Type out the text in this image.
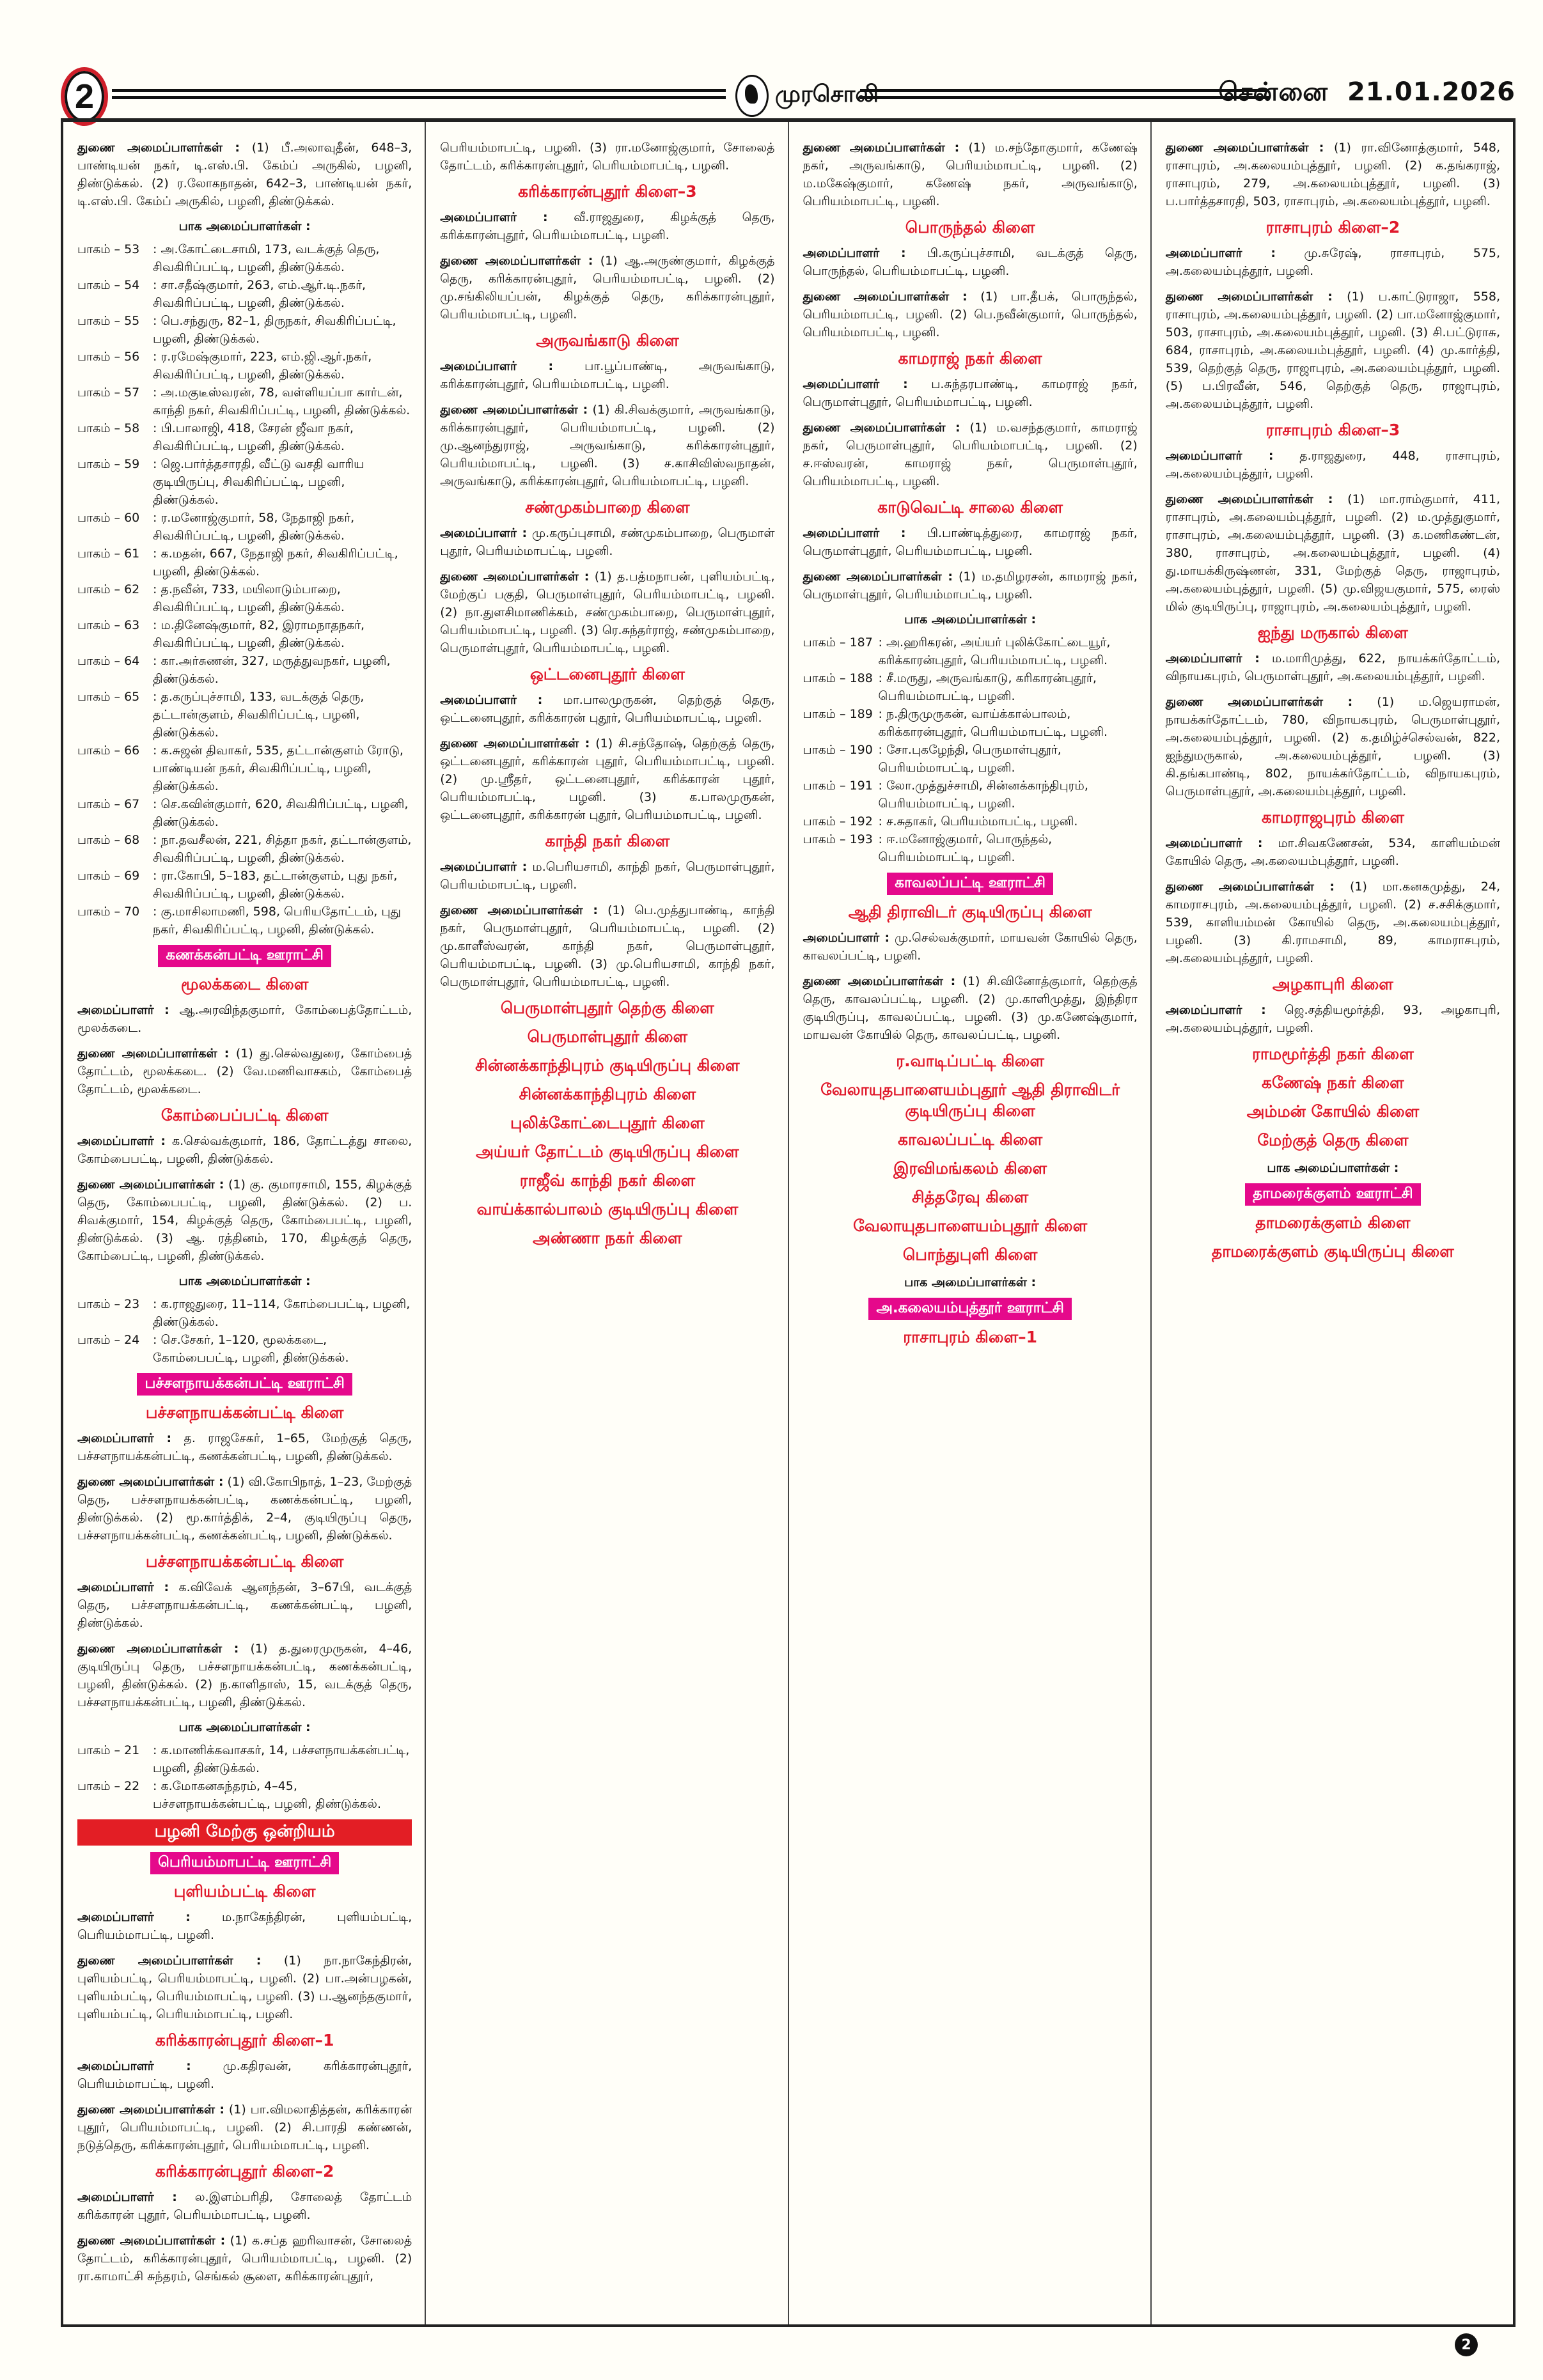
2	முரசொலி	சென்னை 21.01.2026

துணை அமைப்பாளர்கள் : (1) பீ.அலாவுதீன், 648–3, பாண்டியன் நகர், டி.எஸ்.பி. கேம்ப் அருகில், பழனி, திண்டுக்கல். (2) ர.லோகநாதன், 642–3, பாண்டியன் நகர், டி.எஸ்.பி. கேம்ப் அருகில், பழனி, திண்டுக்கல்.

பாக அமைப்பாளர்கள் :
பாகம் – 53	: அ.கோட்டைசாமி, 173, வடக்குத் தெரு, சிவகிரிப்பட்டி, பழனி, திண்டுக்கல்.
பாகம் – 54	: சா.சதீஷ்குமார், 263, எம்.ஆர்.டி.நகர், சிவகிரிப்பட்டி, பழனி, திண்டுக்கல்.
பாகம் – 55	: பெ.சந்துரு, 82–1, திருநகர், சிவகிரிப்பட்டி, பழனி, திண்டுக்கல்.
பாகம் – 56	: ர.ரமேஷ்குமார், 223, எம்.ஜி.ஆர்.நகர், சிவகிரிப்பட்டி, பழனி, திண்டுக்கல்.
பாகம் – 57	: அ.மகுடீஸ்வரன், 78, வள்ளியப்பா கார்டன், காந்தி நகர், சிவகிரிப்பட்டி, பழனி, திண்டுக்கல்.
பாகம் – 58	: பி.பாலாஜி, 418, சேரன் ஜீவா நகர், சிவகிரிப்பட்டி, பழனி, திண்டுக்கல்.
பாகம் – 59	: ஜெ.பார்த்தசாரதி, வீட்டு வசதி வாரிய குடியிருப்பு, சிவகிரிப்பட்டி, பழனி, திண்டுக்கல்.
பாகம் – 60	: ர.மனோஜ்குமார், 58, நேதாஜி நகர், சிவகிரிப்பட்டி, பழனி, திண்டுக்கல்.
பாகம் – 61	: க.மதன், 667, நேதாஜி நகர், சிவகிரிப்பட்டி, பழனி, திண்டுக்கல்.
பாகம் – 62	: த.நவீன், 733, மயிலாடும்பாறை, சிவகிரிப்பட்டி, பழனி, திண்டுக்கல்.
பாகம் – 63	: ம.தினேஷ்குமார், 82, இராமநாதநகர், சிவகிரிப்பட்டி, பழனி, திண்டுக்கல்.
பாகம் – 64	: கா.அர்சுணன், 327, மருத்துவநகர், பழனி, திண்டுக்கல்.
பாகம் – 65	: த.கருப்புச்சாமி, 133, வடக்குத் தெரு, தட்டான்குளம், சிவகிரிப்பட்டி, பழனி, திண்டுக்கல்.
பாகம் – 66	: க.சுஜன் திவாகர், 535, தட்டான்குளம் ரோடு, பாண்டியன் நகர், சிவகிரிப்பட்டி, பழனி, திண்டுக்கல்.
பாகம் – 67	: செ.கவின்குமார், 620, சிவகிரிப்பட்டி, பழனி, திண்டுக்கல்.
பாகம் – 68	: நா.தவசீலன், 221, சித்தா நகர், தட்டான்குளம், சிவகிரிப்பட்டி, பழனி, திண்டுக்கல்.
பாகம் – 69	: ரா.கோபி, 5–183, தட்டான்குளம், புது நகர், சிவகிரிப்பட்டி, பழனி, திண்டுக்கல்.
பாகம் – 70	: கு.மாசிலாமணி, 598, பெரியதோட்டம், புது நகர், சிவகிரிப்பட்டி, பழனி, திண்டுக்கல்.
கணக்கன்பட்டி ஊராட்சி
மூலக்கடை கிளை

அமைப்பாளர் : ஆ.அரவிந்தகுமார், கோம்பைத்தோட்டம், மூலக்கடை.

துணை அமைப்பாளர்கள் : (1) து.செல்வதுரை, கோம்பைத் தோட்டம், மூலக்கடை. (2) வே.மணிவாசகம், கோம்பைத் தோட்டம், மூலக்கடை.

கோம்பைப்பட்டி கிளை

அமைப்பாளர் : க.செல்வக்குமார், 186, தோட்டத்து சாலை, கோம்பைபட்டி, பழனி, திண்டுக்கல்.

துணை அமைப்பாளர்கள் : (1) கு. குமாரசாமி, 155, கிழக்குத் தெரு, கோம்பைபட்டி, பழனி, திண்டுக்கல். (2) ப. சிவக்குமார், 154, கிழக்குத் தெரு, கோம்பைபட்டி, பழனி, திண்டுக்கல். (3) ஆ. ரத்தினம், 170, கிழக்குத் தெரு, கோம்பைட்டி, பழனி, திண்டுக்கல்.

பாக அமைப்பாளர்கள் :
பாகம் – 23	: க.ராஜதுரை, 11–114, கோம்பைபட்டி, பழனி, திண்டுக்கல்.
பாகம் – 24	: செ.சேகர், 1–120, மூலக்கடை, கோம்பைபட்டி, பழனி, திண்டுக்கல்.
பச்சளநாயக்கன்பட்டி ஊராட்சி
பச்சளநாயக்கன்பட்டி கிளை

அமைப்பாளர் : த. ராஜசேகர், 1–65, மேற்குத் தெரு, பச்சளநாயக்கன்பட்டி, கணக்கன்பட்டி, பழனி, திண்டுக்கல்.

துணை அமைப்பாளர்கள் : (1) வி.கோபிநாத், 1–23, மேற்குத் தெரு, பச்சளநாயக்கன்பட்டி, கணக்கன்பட்டி, பழனி, திண்டுக்கல். (2) மூ.கார்த்திக், 2–4, குடியிருப்பு தெரு, பச்சளநாயக்கன்பட்டி, கணக்கன்பட்டி, பழனி, திண்டுக்கல்.

பச்சளநாயக்கன்பட்டி கிளை

அமைப்பாளர் : க.விவேக் ஆனந்தன், 3–67பி, வடக்குத் தெரு, பச்சளநாயக்கன்பட்டி, கணக்கன்பட்டி, பழனி, திண்டுக்கல்.

துணை அமைப்பாளர்கள் : (1) த.துரைமுருகன், 4–46, குடியிருப்பு தெரு, பச்சளநாயக்கன்பட்டி, கணக்கன்பட்டி, பழனி, திண்டுக்கல். (2) ந.காளிதாஸ், 15, வடக்குத் தெரு, பச்சளநாயக்கன்பட்டி, பழனி, திண்டுக்கல்.

பாக அமைப்பாளர்கள் :
பாகம் – 21	: க.மாணிக்கவாசகர், 14, பச்சளநாயக்கன்பட்டி, பழனி, திண்டுக்கல்.
பாகம் – 22	: க.மோகனசுந்தரம், 4–45, பச்சளநாயக்கன்பட்டி, பழனி, திண்டுக்கல்.
பழனி மேற்கு ஒன்றியம்
பெரியம்மாபட்டி ஊராட்சி
புளியம்பட்டி கிளை

அமைப்பாளர் :	ம.நாகேந்திரன், புளியம்பட்டி, பெரியம்மாபட்டி, பழனி.

துணை அமைப்பாளர்கள் : (1) நா.நாகேந்திரன், புளியம்பட்டி, பெரியம்மாபட்டி, பழனி. (2) பா.அன்பழகன், புளியம்பட்டி, பெரியம்மாபட்டி, பழனி. (3) ப.ஆனந்தகுமார், புளியம்பட்டி, பெரியம்மாபட்டி, பழனி.

கரிக்காரன்புதூர் கிளை–1

அமைப்பாளர் :	மு.கதிரவன், கரிக்காரன்புதூர், பெரியம்மாபட்டி, பழனி.

துணை அமைப்பாளர்கள் : (1) பா.விமலாதித்தன், கரிக்காரன் புதூர், பெரியம்மாபட்டி, பழனி. (2) சி.பாரதி கண்ணன், நடுத்தெரு, கரிக்காரன்புதூர், பெரியம்மாபட்டி, பழனி.

கரிக்காரன்புதூர் கிளை–2

அமைப்பாளர் : ல.இளம்பரிதி, சோலைத் தோட்டம் கரிக்காரன் புதூர், பெரியம்மாபட்டி, பழனி.

துணை அமைப்பாளர்கள் : (1) க.சப்த ஹரிவாசன், சோலைத் தோட்டம், கரிக்காரன்புதூர், பெரியம்மாபட்டி, பழனி. (2) ரா.காமாட்சி சுந்தரம், செங்கல் சூளை, கரிக்காரன்புதூர்,

பெரியம்மாபட்டி, பழனி. (3) ரா.மனோஜ்குமார், சோலைத் தோட்டம், கரிக்காரன்புதூர், பெரியம்மாபட்டி, பழனி.

கரிக்காரன்புதூர் கிளை–3

அமைப்பாளர் : வீ.ராஜதுரை, கிழக்குத் தெரு, கரிக்காரன்புதூர், பெரியம்மாபட்டி, பழனி.

துணை அமைப்பாளர்கள் : (1) ஆ.அருண்குமார், கிழக்குத் தெரு, கரிக்காரன்புதூர், பெரியம்மாபட்டி, பழனி. (2) மு.சங்கிலியப்பன், கிழக்குத் தெரு, கரிக்காரன்புதூர், பெரியம்மாபட்டி, பழனி.

அருவங்காடு கிளை

அமைப்பாளர் :	பா.பூப்பாண்டி, அருவங்காடு, கரிக்காரன்புதூர், பெரியம்மாபட்டி, பழனி.

துணை அமைப்பாளர்கள் : (1) கி.சிவக்குமார், அருவங்காடு, கரிக்காரன்புதூர், பெரியம்மாபட்டி, பழனி. (2) மு.ஆனந்துராஜ், அருவங்காடு, கரிக்காரன்புதூர், பெரியம்மாபட்டி, பழனி. (3) ச.காசிவிஸ்வநாதன், அருவங்காடு, கரிக்காரன்புதூர், பெரியம்மாபட்டி, பழனி.

சண்முகம்பாறை கிளை

அமைப்பாளர் : மு.கருப்புசாமி, சண்முகம்பாறை, பெருமாள் புதூர், பெரியம்மாபட்டி, பழனி.

துணை அமைப்பாளர்கள் : (1) த.பத்மநாபன், புளியம்பட்டி, மேற்குப் பகுதி, பெருமாள்புதூர், பெரியம்மாபட்டி, பழனி. (2) நா.துளசிமாணிக்கம், சண்முகம்பாறை, பெருமாள்புதூர், பெரியம்மாபட்டி, பழனி. (3) ரெ.சுந்தர்ராஜ், சண்முகம்பாறை, பெருமாள்புதூர், பெரியம்மாபட்டி, பழனி.

ஒட்டனைபுதூர் கிளை

அமைப்பாளர் : மா.பாலமுருகன், தெற்குத் தெரு, ஒட்டனைபுதூர், கரிக்காரன் புதூர், பெரியம்மாபட்டி, பழனி.

துணை அமைப்பாளர்கள் : (1) சி.சந்தோஷ், தெற்குத் தெரு, ஒட்டனைபுதூர், கரிக்காரன் புதூர், பெரியம்மாபட்டி, பழனி. (2) மு.ஸ்ரீதர், ஒட்டனைபுதூர், கரிக்காரன் புதூர், பெரியம்மாபட்டி, பழனி. (3) க.பாலமுருகன், ஒட்டனைபுதூர், கரிக்காரன் புதூர், பெரியம்மாபட்டி, பழனி.

காந்தி நகர் கிளை

அமைப்பாளர் : ம.பெரியசாமி, காந்தி நகர், பெருமாள்புதூர், பெரியம்மாபட்டி, பழனி.

துணை அமைப்பாளர்கள் : (1) பெ.முத்துபாண்டி, காந்தி நகர், பெருமாள்புதூர், பெரியம்மாபட்டி, பழனி. (2) மு.காளீஸ்வரன், காந்தி நகர், பெருமாள்புதூர், பெரியம்மாபட்டி, பழனி. (3) மு.பெரியசாமி, காந்தி நகர், பெருமாள்புதூர், பெரியம்மாபட்டி, பழனி.

பெருமாள்புதூர் தெற்கு கிளை
பெருமாள்புதூர் கிளை
சின்னக்காந்திபுரம் குடியிருப்பு கிளை
சின்னக்காந்திபுரம் கிளை
புலிக்கோட்டைபுதூர் கிளை
அய்யர் தோட்டம் குடியிருப்பு கிளை
ராஜீவ் காந்தி நகர் கிளை
வாய்க்கால்பாலம் குடியிருப்பு கிளை
அண்ணா நகர் கிளை

துணை அமைப்பாளர்கள் : (1) ம.சந்தோகுமார், கணேஷ் நகர், அருவங்காடு, பெரியம்மாபட்டி, பழனி. (2) ம.மகேஷ்குமார், கணேஷ் நகர், அருவங்காடு, பெரியம்மாபட்டி, பழனி.

பொருந்தல் கிளை

அமைப்பாளர் : பி.கருப்புச்சாமி, வடக்குத் தெரு, பொருந்தல், பெரியம்மாபட்டி, பழனி.

துணை அமைப்பாளர்கள் : (1) பா.தீபக், பொருந்தல், பெரியம்மாபட்டி, பழனி. (2) பெ.நவீன்குமார், பொருந்தல், பெரியம்மாபட்டி, பழனி.

காமராஜ் நகர் கிளை

அமைப்பாளர் : ப.சுந்தரபாண்டி, காமராஜ் நகர், பெருமாள்புதூர், பெரியம்மாபட்டி, பழனி.

துணை அமைப்பாளர்கள் : (1) ம.வசந்தகுமார், காமராஜ் நகர், பெருமாள்புதூர், பெரியம்மாபட்டி, பழனி. (2) ச.ஈஸ்வரன், காமராஜ் நகர், பெருமாள்புதூர், பெரியம்மாபட்டி, பழனி.

காடுவெட்டி சாலை கிளை

அமைப்பாளர் : பி.பாண்டித்துரை, காமராஜ் நகர், பெருமாள்புதூர், பெரியம்மாபட்டி, பழனி.

துணை அமைப்பாளர்கள் : (1) ம.தமிழரசன், காமராஜ் நகர், பெருமாள்புதூர், பெரியம்மாபட்டி, பழனி.

பாக அமைப்பாளர்கள் :
பாகம் – 187 : அ.ஹரிகரன், அய்யர் புலிக்கோட்டையூர், கரிக்காரன்புதூர், பெரியம்மாபட்டி, பழனி.
பாகம் – 188 : சீ.மருது, அருவங்காடு, கரிகாரன்புதூர், பெரியம்மாபட்டி, பழனி.
பாகம் – 189 : ந.திருமுருகன், வாய்க்கால்பாலம், கரிக்காரன்புதூர், பெரியம்மாபட்டி, பழனி.
பாகம் – 190 : சோ.புகழேந்தி, பெருமாள்புதூர், பெரியம்மாபட்டி, பழனி.
பாகம் – 191 : லோ.முத்துச்சாமி, சின்னக்காந்திபுரம், பெரியம்மாபட்டி, பழனி.
பாகம் – 192 : ச.சுதாகர், பெரியம்மாபட்டி, பழனி.
பாகம் – 193 : ஈ.மனோஜ்குமார், பொருந்தல், பெரியம்மாபட்டி, பழனி.
காவலப்பட்டி ஊராட்சி
ஆதி திராவிடர் குடியிருப்பு கிளை

அமைப்பாளர் : மு.செல்வக்குமார், மாயவன் கோயில் தெரு, காவலப்பட்டி, பழனி.

துணை அமைப்பாளர்கள் : (1) சி.வினோத்குமார், தெற்குத் தெரு, காவலப்பட்டி, பழனி. (2) மு.காளிமுத்து, இந்திரா குடியிருப்பு, காவலப்பட்டி, பழனி. (3) மு.கணேஷ்குமார், மாயவன் கோயில் தெரு, காவலப்பட்டி, பழனி.

ர.வாடிப்பட்டி கிளை
வேலாயுதபாளையம்புதூர் ஆதி திராவிடர் குடியிருப்பு கிளை
காவலப்பட்டி கிளை
இரவிமங்கலம் கிளை
சித்தரேவு கிளை
வேலாயுதபாளையம்புதூர் கிளை
பொந்துபுளி கிளை
பாக அமைப்பாளர்கள் :
அ.கலையம்புத்தூர் ஊராட்சி
ராசாபுரம் கிளை–1

துணை அமைப்பாளர்கள் : (1) ரா.வினோத்குமார், 548, ராசாபுரம், அ.கலையம்புத்தூர், பழனி. (2) க.தங்கராஜ், ராசாபுரம், 279, அ.கலையம்புத்தூர், பழனி. (3) ப.பார்த்தசாரதி, 503, ராசாபுரம், அ.கலையம்புத்தூர், பழனி.

ராசாபுரம் கிளை–2

அமைப்பாளர் : மு.சுரேஷ், ராசாபுரம், 575, அ.கலையம்புத்தூர், பழனி.

துணை அமைப்பாளர்கள் : (1) ப.காட்டுராஜா, 558, ராசாபுரம், அ.கலையம்புத்தூர், பழனி. (2) பா.மனோஜ்குமார், 503, ராசாபுரம், அ.கலையம்புத்தூர், பழனி. (3) சி.பட்டுராசு, 684, ராசாபுரம், அ.கலையம்புத்தூர், பழனி. (4) மு.கார்த்தி, 539, தெற்குத் தெரு, ராஜாபுரம், அ.கலையம்புத்தூர், பழனி. (5) ப.பிரவீன், 546, தெற்குத் தெரு, ராஜாபுரம், அ.கலையம்புத்தூர், பழனி.

ராசாபுரம் கிளை–3

அமைப்பாளர் : த.ராஜதுரை, 448, ராசாபுரம், அ.கலையம்புத்தூர், பழனி.

துணை அமைப்பாளர்கள் : (1) மா.ராம்குமார், 411, ராசாபுரம், அ.கலையம்புத்தூர், பழனி. (2) ம.முத்துகுமார், ராசாபுரம், அ.கலையம்புத்தூர், பழனி. (3) க.மணிகண்டன், 380, ராசாபுரம், அ.கலையம்புத்தூர், பழனி. (4) து.மாயக்கிருஷ்ணன், 331, மேற்குத் தெரு, ராஜாபுரம், அ.கலையம்புத்தூர், பழனி. (5) மு.விஜயகுமார், 575, ரைஸ் மில் குடியிருப்பு, ராஜாபுரம், அ.கலையம்புத்தூர், பழனி.

ஐந்து மருகால் கிளை

அமைப்பாளர் : ம.மாரிமுத்து, 622, நாயக்கர்தோட்டம், விநாயகபுரம், பெருமாள்புதூர், அ.கலையம்புத்தூர், பழனி.

துணை அமைப்பாளர்கள் : (1) ம.ஜெயராமன், நாயக்கர்தோட்டம், 780, விநாயகபுரம், பெருமாள்புதூர், அ.கலையம்புத்தூர், பழனி. (2) க.தமிழ்ச்செல்வன், 822, ஐந்துமருகால், அ.கலையம்புத்தூர், பழனி. (3) கி.தங்கபாண்டி, 802, நாயக்கர்தோட்டம், விநாயகபுரம், பெருமாள்புதூர், அ.கலையம்புத்தூர், பழனி.

காமராஜபுரம் கிளை

அமைப்பாளர் : மா.சிவகணேசன், 534, காளியம்மன் கோயில் தெரு, அ.கலையம்புத்தூர், பழனி.

துணை அமைப்பாளர்கள் : (1) மா.கனகமுத்து, 24, காமராசபுரம், அ.கலையம்புத்தூர், பழனி. (2) ச.சசிக்குமார், 539, காளியம்மன் கோயில் தெரு, அ.கலையம்புத்தூர், பழனி. (3) கி.ராமசாமி, 89, காமராசபுரம், அ.கலையம்புத்தூர், பழனி.

அழகாபுரி கிளை

அமைப்பாளர் : ஜெ.சத்தியமூர்த்தி, 93, அழகாபுரி, அ.கலையம்புத்தூர், பழனி.

ராமமூர்த்தி நகர் கிளை
கணேஷ் நகர் கிளை
அம்மன் கோயில் கிளை
மேற்குத் தெரு கிளை
பாக அமைப்பாளர்கள் :
தாமரைக்குளம் ஊராட்சி
தாமரைக்குளம் கிளை
தாமரைக்குளம் குடியிருப்பு கிளை
2
